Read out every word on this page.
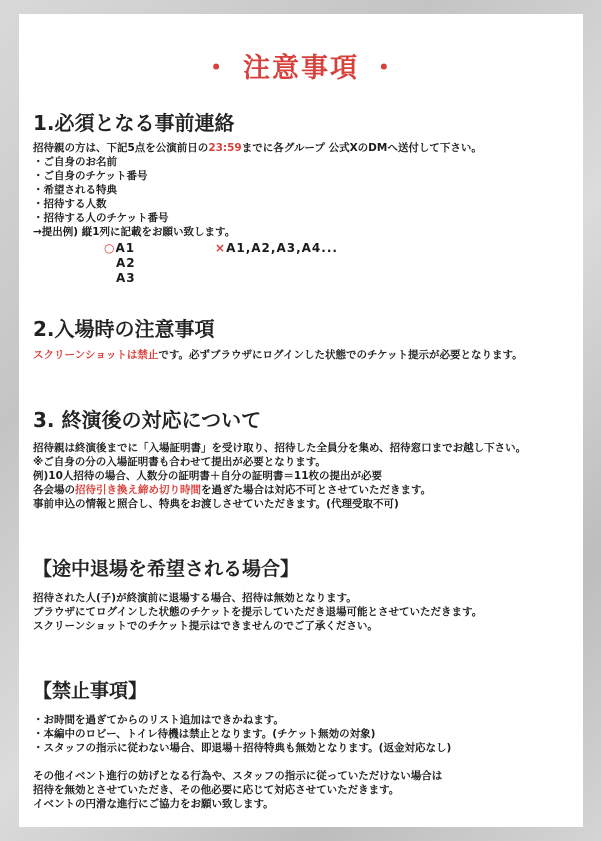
・ 注意事項 ・
1.必須となる事前連絡
招待親の方は、下記5点を公演前日の23:59までに各グループ 公式XのDMへ送付して下さい。
・ご自身のお名前
・ご自身のチケット番号
・希望される特典
・招待する人数
・招待する人のチケット番号
→提出例) 縦1列に記載をお願い致します。
○A1
A2
A3
×A1,A2,A3,A4...
2.入場時の注意事項
スクリーンショットは禁止です。必ずブラウザにログインした状態でのチケット提示が必要となります。
3. 終演後の対応について
招待親は終演後までに「入場証明書」を受け取り、招待した全員分を集め、招待窓口までお越し下さい。
※ご自身の分の入場証明書も合わせて提出が必要となります。
例)10人招待の場合、人数分の証明書＋自分の証明書＝11枚の提出が必要
各会場の招待引き換え締め切り時間を過ぎた場合は対応不可とさせていただきます。
事前申込の情報と照合し、特典をお渡しさせていただきます。(代理受取不可)
【途中退場を希望される場合】
招待された人(子)が終演前に退場する場合、招待は無効となります。
ブラウザにてログインした状態のチケットを提示していただき退場可能とさせていただきます。
スクリーンショットでのチケット提示はできませんのでご了承ください。
【禁止事項】
・お時間を過ぎてからのリスト追加はできかねます。
・本編中のロビー、トイレ待機は禁止となります。(チケット無効の対象)
・スタッフの指示に従わない場合、即退場＋招待特典も無効となります。(返金対応なし)
その他イベント進行の妨げとなる行為や、スタッフの指示に従っていただけない場合は
招待を無効とさせていただき、その他必要に応じて対応させていただきます。
イベントの円滑な進行にご協力をお願い致します。
